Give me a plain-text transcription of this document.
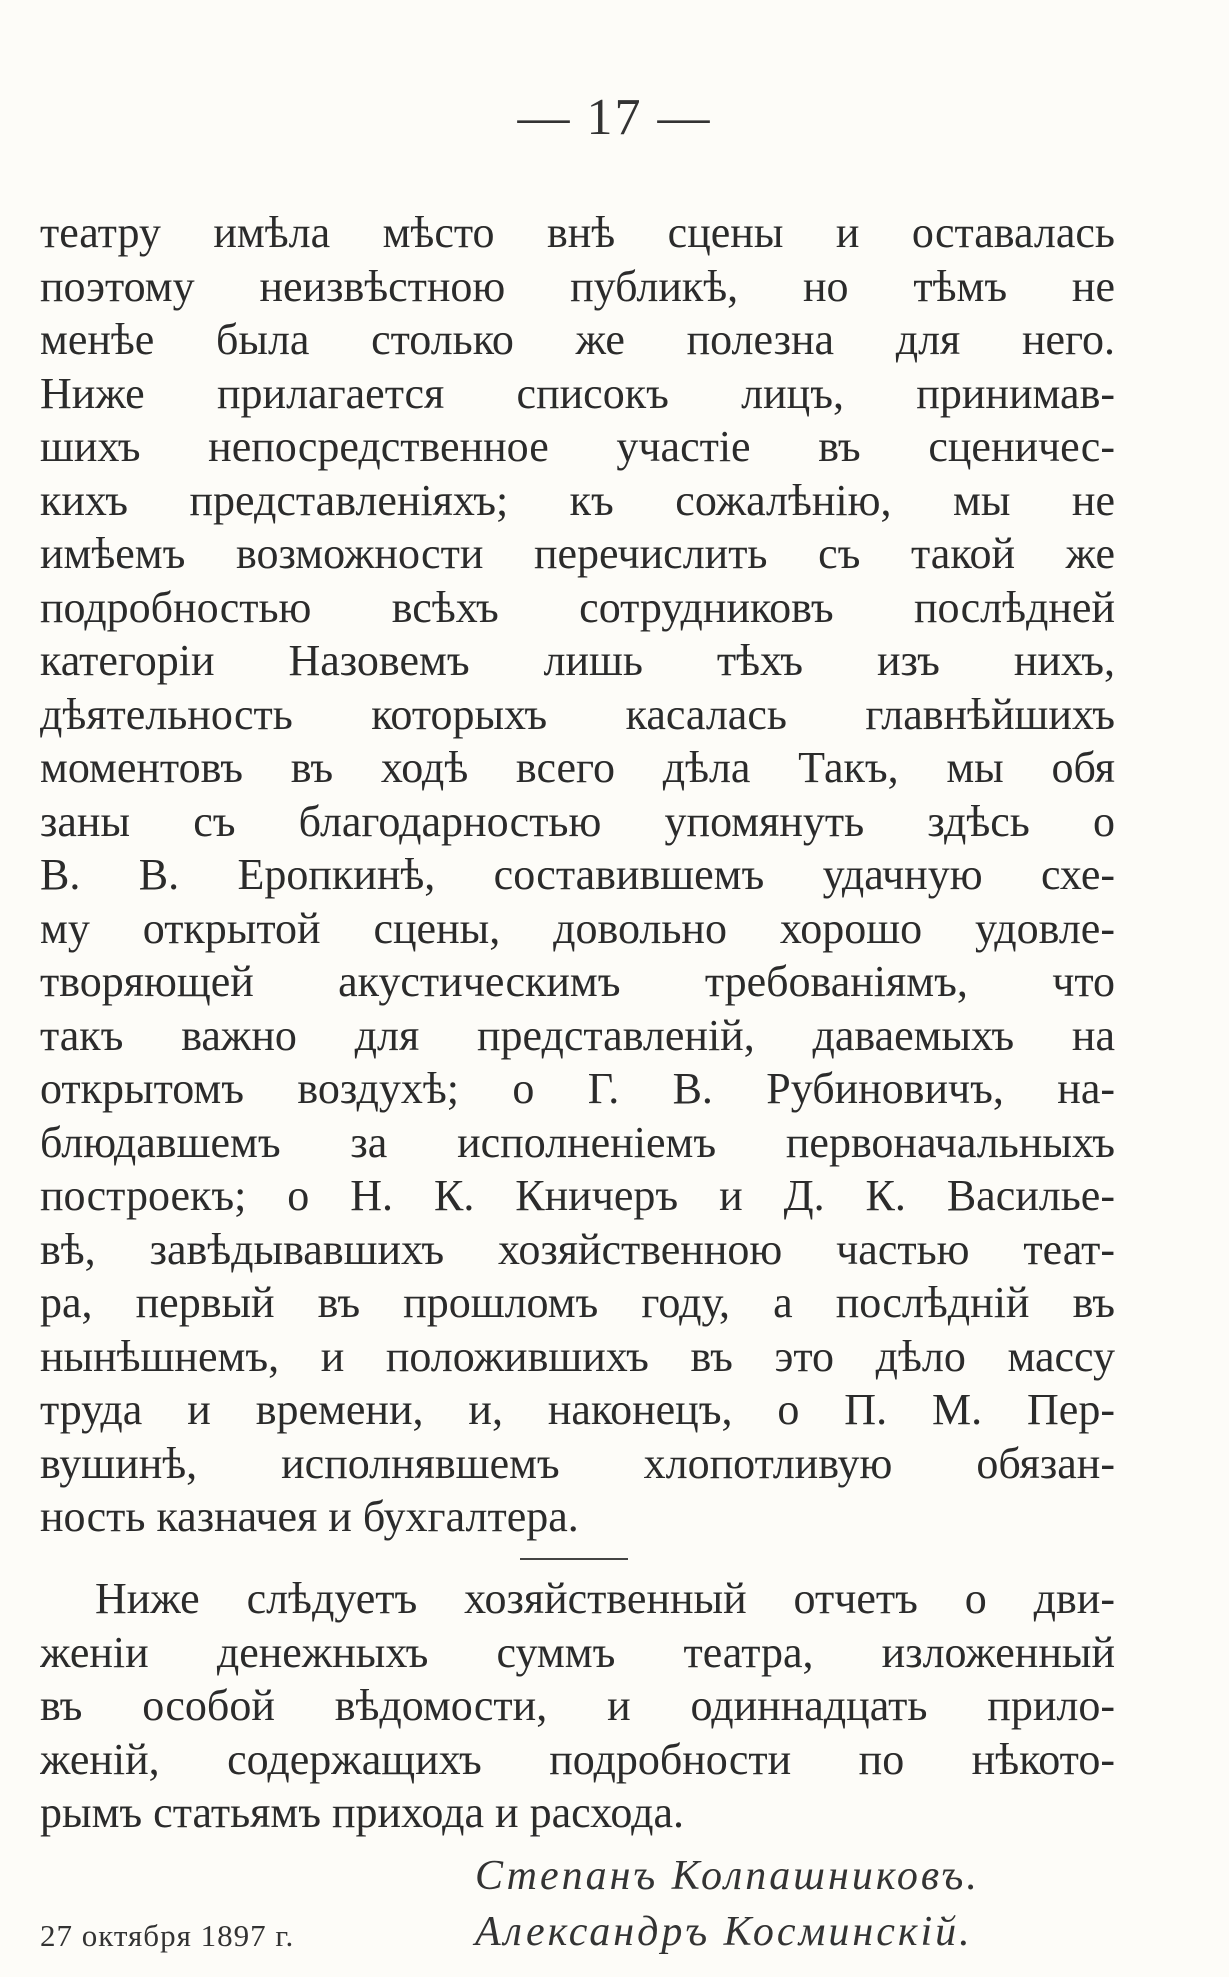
— 17 —
театру имѣла мѣсто внѣ сцены и оставалась
поэтому неизвѣстною публикѣ, но тѣмъ не
менѣе была столько же полезна для него.
Ниже прилагается списокъ лицъ, принимав-
шихъ непосредственное участіе въ сценичес-
кихъ представленіяхъ; къ сожалѣнію, мы не
имѣемъ возможности перечислить съ такой же
подробностью всѣхъ сотрудниковъ послѣдней
категоріи Назовемъ лишь тѣхъ изъ нихъ,
дѣятельность которыхъ касалась главнѣйшихъ
моментовъ въ ходѣ всего дѣла Такъ, мы обя
заны съ благодарностью упомянуть здѣсь о
В. В. Еропкинѣ, составившемъ удачную схе-
му открытой сцены, довольно хорошо удовле-
творяющей акустическимъ требованіямъ, что
такъ важно для представленій, даваемыхъ на
открытомъ воздухѣ; о Г. В. Рубиновичъ, на-
блюдавшемъ за исполненіемъ первоначальныхъ
построекъ; о Н. К. Кничеръ и Д. К. Василье-
вѣ, завѣдывавшихъ хозяйственною частью теат-
ра, первый въ прошломъ году, а послѣдній въ
нынѣшнемъ, и положившихъ въ это дѣло массу
труда и времени, и, наконецъ, о П. М. Пер-
вушинѣ, исполнявшемъ хлопотливую обязан-
ность казначея и бухгалтера.
Ниже слѣдуетъ хозяйственный отчетъ о дви-
женіи денежныхъ суммъ театра, изложенный
въ особой вѣдомости, и одиннадцать прило-
женій, содержащихъ подробности по нѣкото-
рымъ статьямъ прихода и расхода.
27 октября 1897 г.
Степанъ Колпашниковъ.
Александръ Косминскій.
